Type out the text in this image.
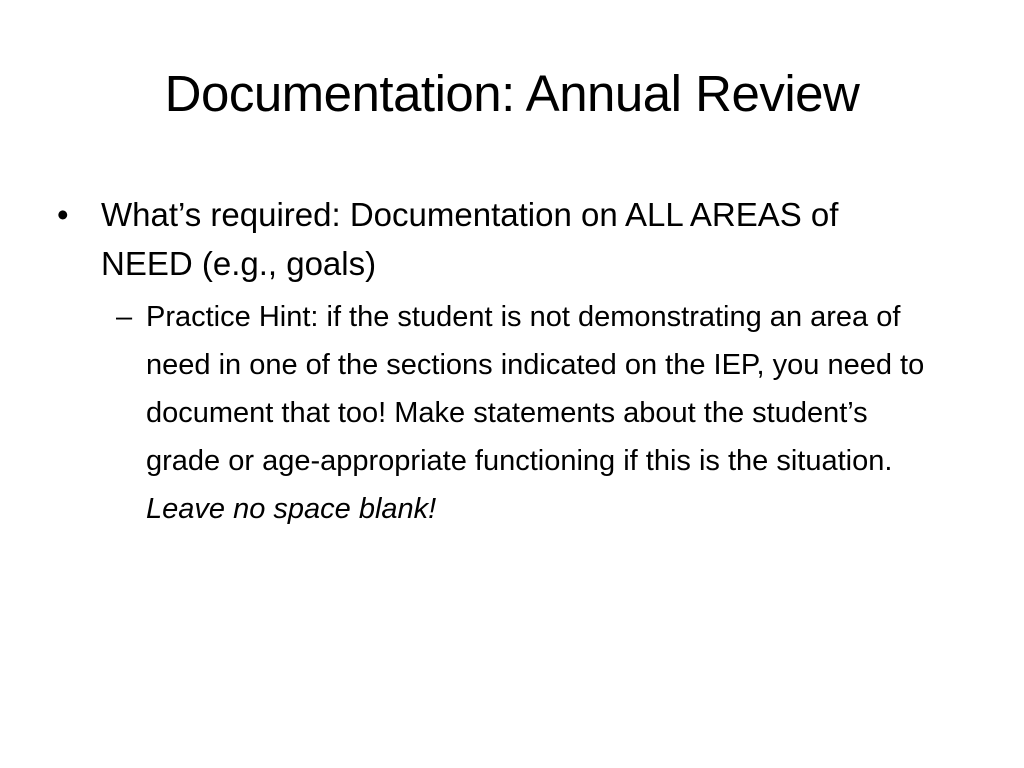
Documentation: Annual Review
• What’s required: Documentation on ALL AREAS of NEED (e.g., goals)
– Practice Hint: if the student is not demonstrating an area of need in one of the sections indicated on the IEP, you need to document that too! Make statements about the student’s grade or age-appropriate functioning if this is the situation.
Leave no space blank!
